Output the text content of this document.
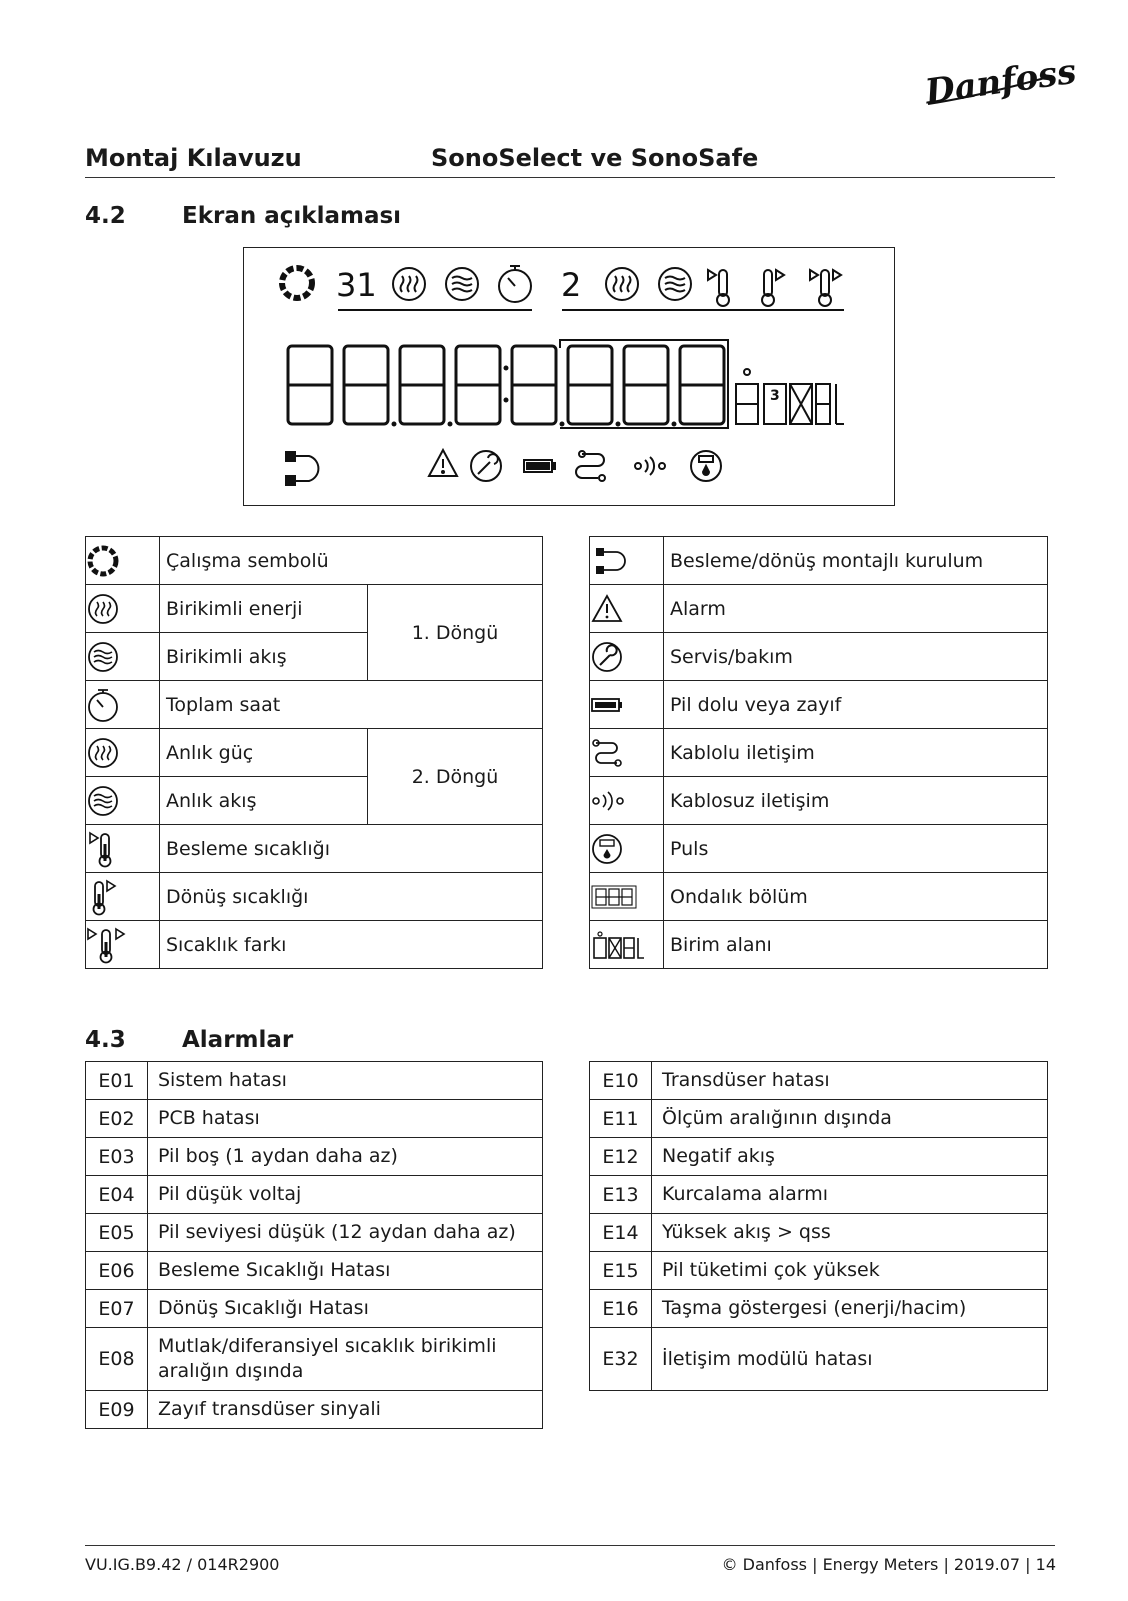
Danfoss
Montaj Kılavuzu	SonoSelect ve SonoSafe
4.2 Ekran açıklaması
31	2
3
	Çalışma sembolü	

	Birikimli enerji	1. Döngü

	Birikimli akış	

	Toplam saat	

	Anlık güç	2. Döngü

	Anlık akış	

	Besleme sıcaklığı	

	Dönüş sıcaklığı	

	Sıcaklık farkı	
	Besleme/dönüş montajlı kurulum

	Alarm

	Servis/bakım

	Pil dolu veya zayıf

	Kablolu iletişim

	Kablosuz iletişim

	Puls

	Ondalık bölüm

	Birim alanı
4.3 Alarmlar
E01	Sistem hatası
E02	PCB hatası
E03	Pil boş (1 aydan daha az)
E04	Pil düşük voltaj
E05	Pil seviyesi düşük (12 aydan daha az)
E06	Besleme Sıcaklığı Hatası
E07	Dönüş Sıcaklığı Hatası
E08	Mutlak/diferansiyel sıcaklık birikimli aralığın dışında
E09	Zayıf transdüser sinyali
E10	Transdüser hatası
E11	Ölçüm aralığının dışında
E12	Negatif akış
E13	Kurcalama alarmı
E14	Yüksek akış > qss
E15	Pil tüketimi çok yüksek
E16	Taşma göstergesi (enerji/hacim)
E32	İletişim modülü hatası
VU.IG.B9.42 / 014R2900	© Danfoss | Energy Meters | 2019.07 | 14
